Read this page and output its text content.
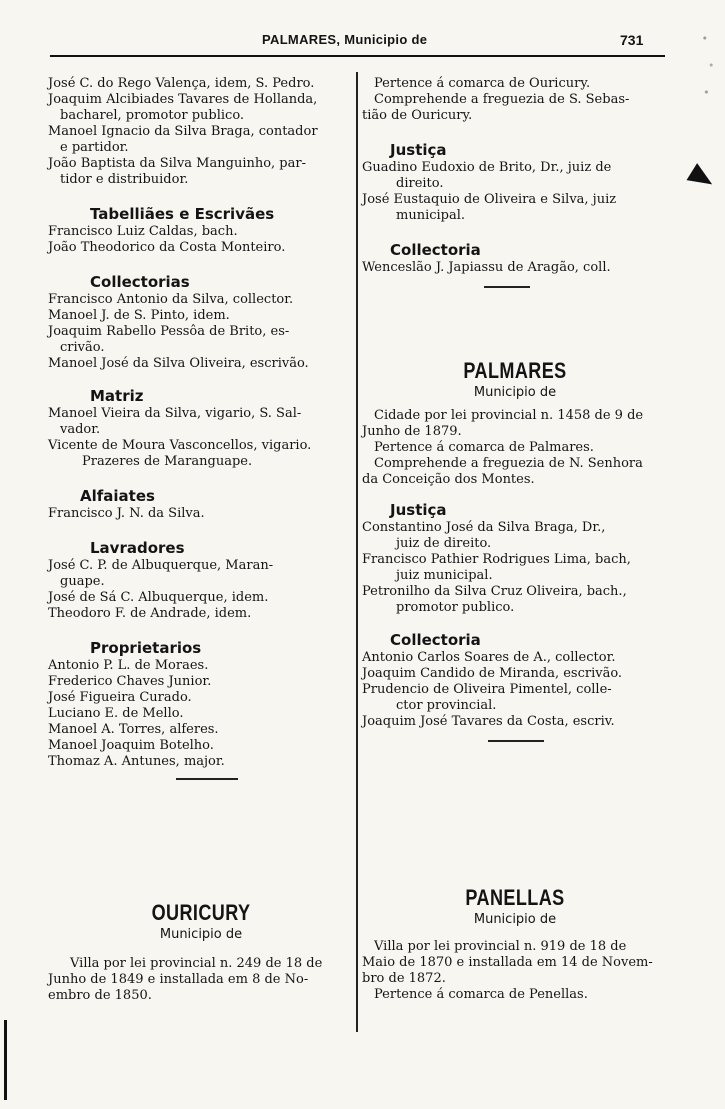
PALMARES, Municipio de	731
José C. do Rego Valença, idem, S. Pedro.
Joaquim Alcibiades Tavares de Hollanda,
bacharel, promotor publico.
Manoel Ignacio da Silva Braga, contador
e partidor.
João Baptista da Silva Manguinho, par-
tidor e distribuidor.
Tabelliães e Escrivães
Francisco Luiz Caldas, bach.
João Theodorico da Costa Monteiro.
Collectorias
Francisco Antonio da Silva, collector.
Manoel J. de S. Pinto, idem.
Joaquim Rabello Pessôa de Brito, es-
crivão.
Manoel José da Silva Oliveira, escrivão.
Matriz
Manoel Vieira da Silva, vigario, S. Sal-
vador.
Vicente de Moura Vasconcellos, vigario.
Prazeres de Maranguape.
Alfaiates
Francisco J. N. da Silva.
Lavradores
José C. P. de Albuquerque, Maran-
guape.
José de Sá C. Albuquerque, idem.
Theodoro F. de Andrade, idem.
Proprietarios
Antonio P. L. de Moraes.
Frederico Chaves Junior.
José Figueira Curado.
Luciano E. de Mello.
Manoel A. Torres, alferes.
Manoel Joaquim Botelho.
Thomaz A. Antunes, major.
OURICURY
Municipio de
Villa por lei provincial n. 249 de 18 de
Junho de 1849 e installada em 8 de No-
embro de 1850.
Pertence á comarca de Ouricury.
Comprehende a freguezia de S. Sebas-
tião de Ouricury.
Justiça
Guadino Eudoxio de Brito, Dr., juiz de
direito.
José Eustaquio de Oliveira e Silva, juiz
municipal.
Collectoria
Wenceslão J. Japiassu de Aragão, coll.
PALMARES
Municipio de
Cidade por lei provincial n. 1458 de 9 de
Junho de 1879.
Pertence á comarca de Palmares.
Comprehende a freguezia de N. Senhora
da Conceição dos Montes.
Justiça
Constantino José da Silva Braga, Dr.,
juiz de direito.
Francisco Pathier Rodrigues Lima, bach,
juiz municipal.
Petronilho da Silva Cruz Oliveira, bach.,
promotor publico.
Collectoria
Antonio Carlos Soares de A., collector.
Joaquim Candido de Miranda, escrivão.
Prudencio de Oliveira Pimentel, colle-
ctor provincial.
Joaquim José Tavares da Costa, escriv.
PANELLAS
Municipio de
Villa por lei provincial n. 919 de 18 de
Maio de 1870 e installada em 14 de Novem-
bro de 1872.
Pertence á comarca de Penellas.
